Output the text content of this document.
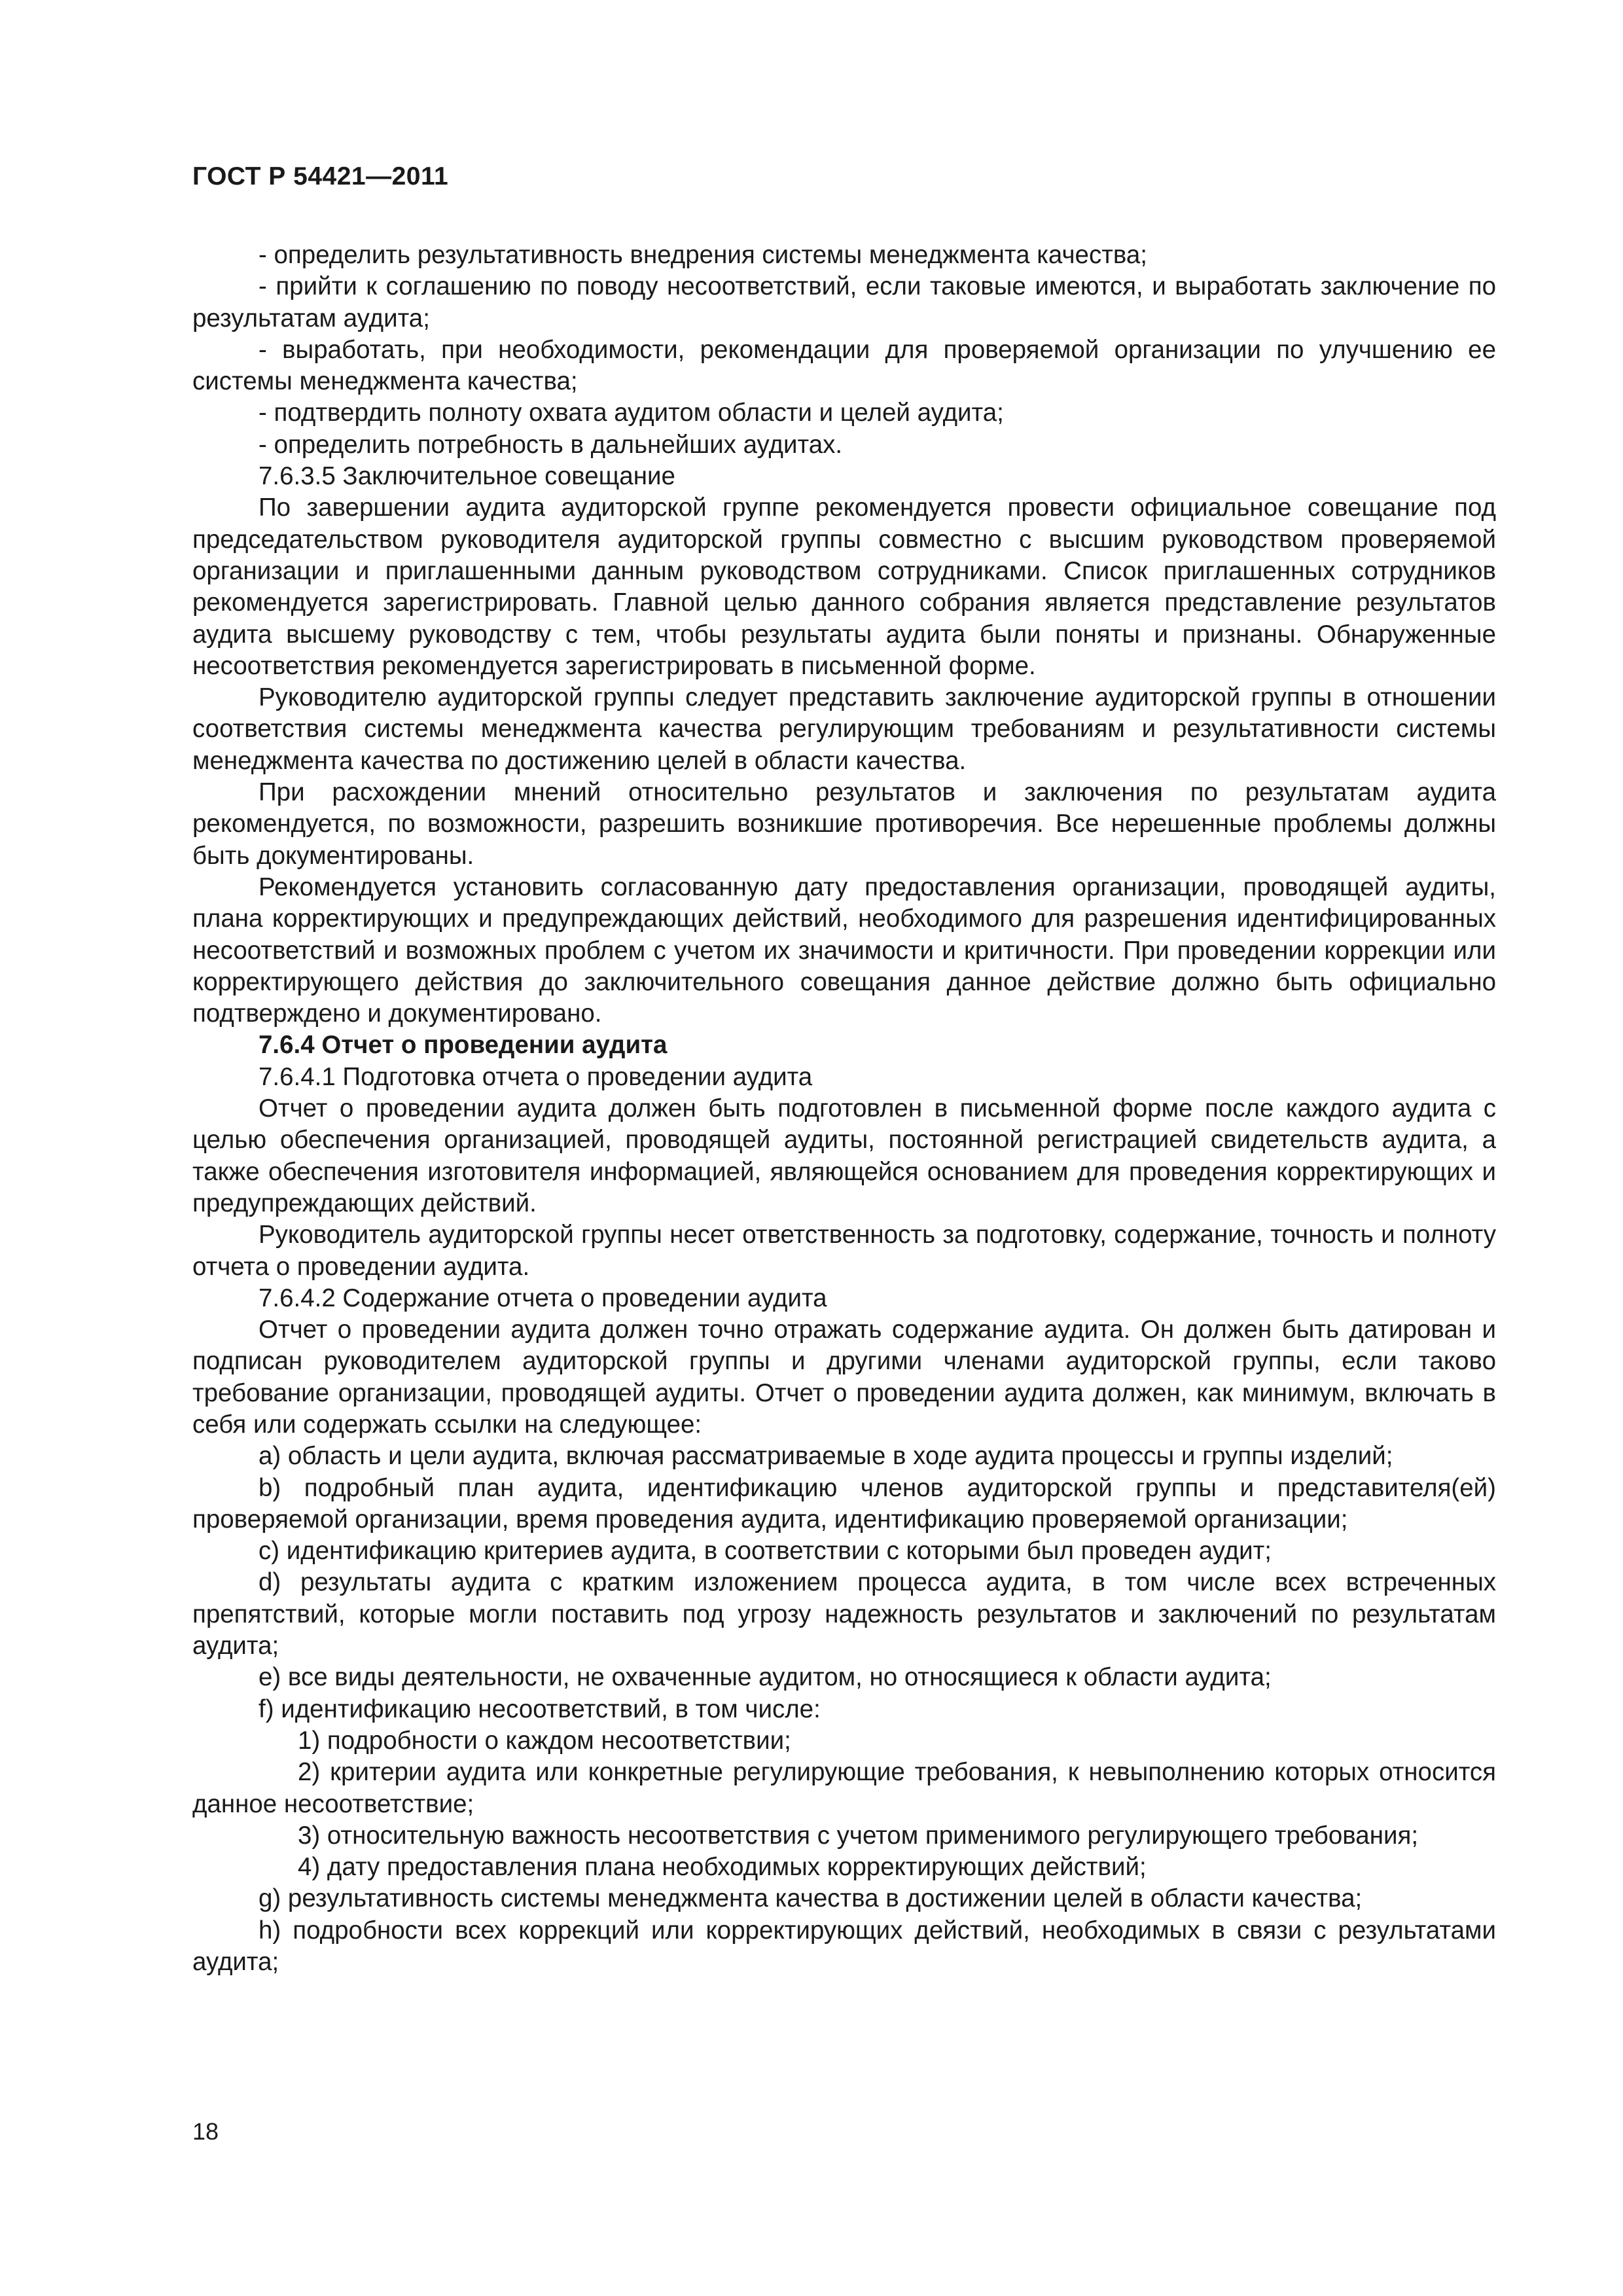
ГОСТ Р 54421—2011

- определить результативность внедрения системы менеджмента качества;

- прийти к соглашению по поводу несоответствий, если таковые имеются, и выработать заключение по результатам аудита;

- выработать, при необходимости, рекомендации для проверяемой организации по улучшению ее системы менеджмента качества;

- подтвердить полноту охвата аудитом области и целей аудита;

- определить потребность в дальнейших аудитах.

7.6.3.5 Заключительное совещание

По завершении аудита аудиторской группе рекомендуется провести официальное совещание под председательством руководителя аудиторской группы совместно с высшим руководством проверяемой организации и приглашенными данным руководством сотрудниками. Список приглашенных сотрудников рекомендуется зарегистрировать. Главной целью данного собрания является представление результатов аудита высшему руководству с тем, чтобы результаты аудита были поняты и признаны. Обнаруженные несоответствия рекомендуется зарегистрировать в письменной форме.

Руководителю аудиторской группы следует представить заключение аудиторской группы в отношении соответствия системы менеджмента качества регулирующим требованиям и результативности системы менеджмента качества по достижению целей в области качества.

При расхождении мнений относительно результатов и заключения по результатам аудита рекомендуется, по возможности, разрешить возникшие противоречия. Все нерешенные проблемы должны быть документированы.

Рекомендуется установить согласованную дату предоставления организации, проводящей аудиты, плана корректирующих и предупреждающих действий, необходимого для разрешения идентифицированных несоответствий и возможных проблем с учетом их значимости и критичности. При проведении коррекции или корректирующего действия до заключительного совещания данное действие должно быть официально подтверждено и документировано.

7.6.4 Отчет о проведении аудита

7.6.4.1 Подготовка отчета о проведении аудита

Отчет о проведении аудита должен быть подготовлен в письменной форме после каждого аудита с целью обеспечения организацией, проводящей аудиты, постоянной регистрацией свидетельств аудита, а также обеспечения изготовителя информацией, являющейся основанием для проведения корректирующих и предупреждающих действий.

Руководитель аудиторской группы несет ответственность за подготовку, содержание, точность и полноту отчета о проведении аудита.

7.6.4.2 Содержание отчета о проведении аудита

Отчет о проведении аудита должен точно отражать содержание аудита. Он должен быть датирован и подписан руководителем аудиторской группы и другими членами аудиторской группы, если таково требование организации, проводящей аудиты. Отчет о проведении аудита должен, как минимум, включать в себя или содержать ссылки на следующее:

a) область и цели аудита, включая рассматриваемые в ходе аудита процессы и группы изделий;

b) подробный план аудита, идентификацию членов аудиторской группы и представителя(ей) проверяемой организации, время проведения аудита, идентификацию проверяемой организации;

c) идентификацию критериев аудита, в соответствии с которыми был проведен аудит;

d) результаты аудита с кратким изложением процесса аудита, в том числе всех встреченных препятствий, которые могли поставить под угрозу надежность результатов и заключений по результатам аудита;

e) все виды деятельности, не охваченные аудитом, но относящиеся к области аудита;

f) идентификацию несоответствий, в том числе:

1) подробности о каждом несоответствии;

2) критерии аудита или конкретные регулирующие требования, к невыполнению которых относится данное несоответствие;

3) относительную важность несоответствия с учетом применимого регулирующего требования;

4) дату предоставления плана необходимых корректирующих действий;

g) результативность системы менеджмента качества в достижении целей в области качества;

h) подробности всех коррекций или корректирующих действий, необходимых в связи с результатами аудита;

18
